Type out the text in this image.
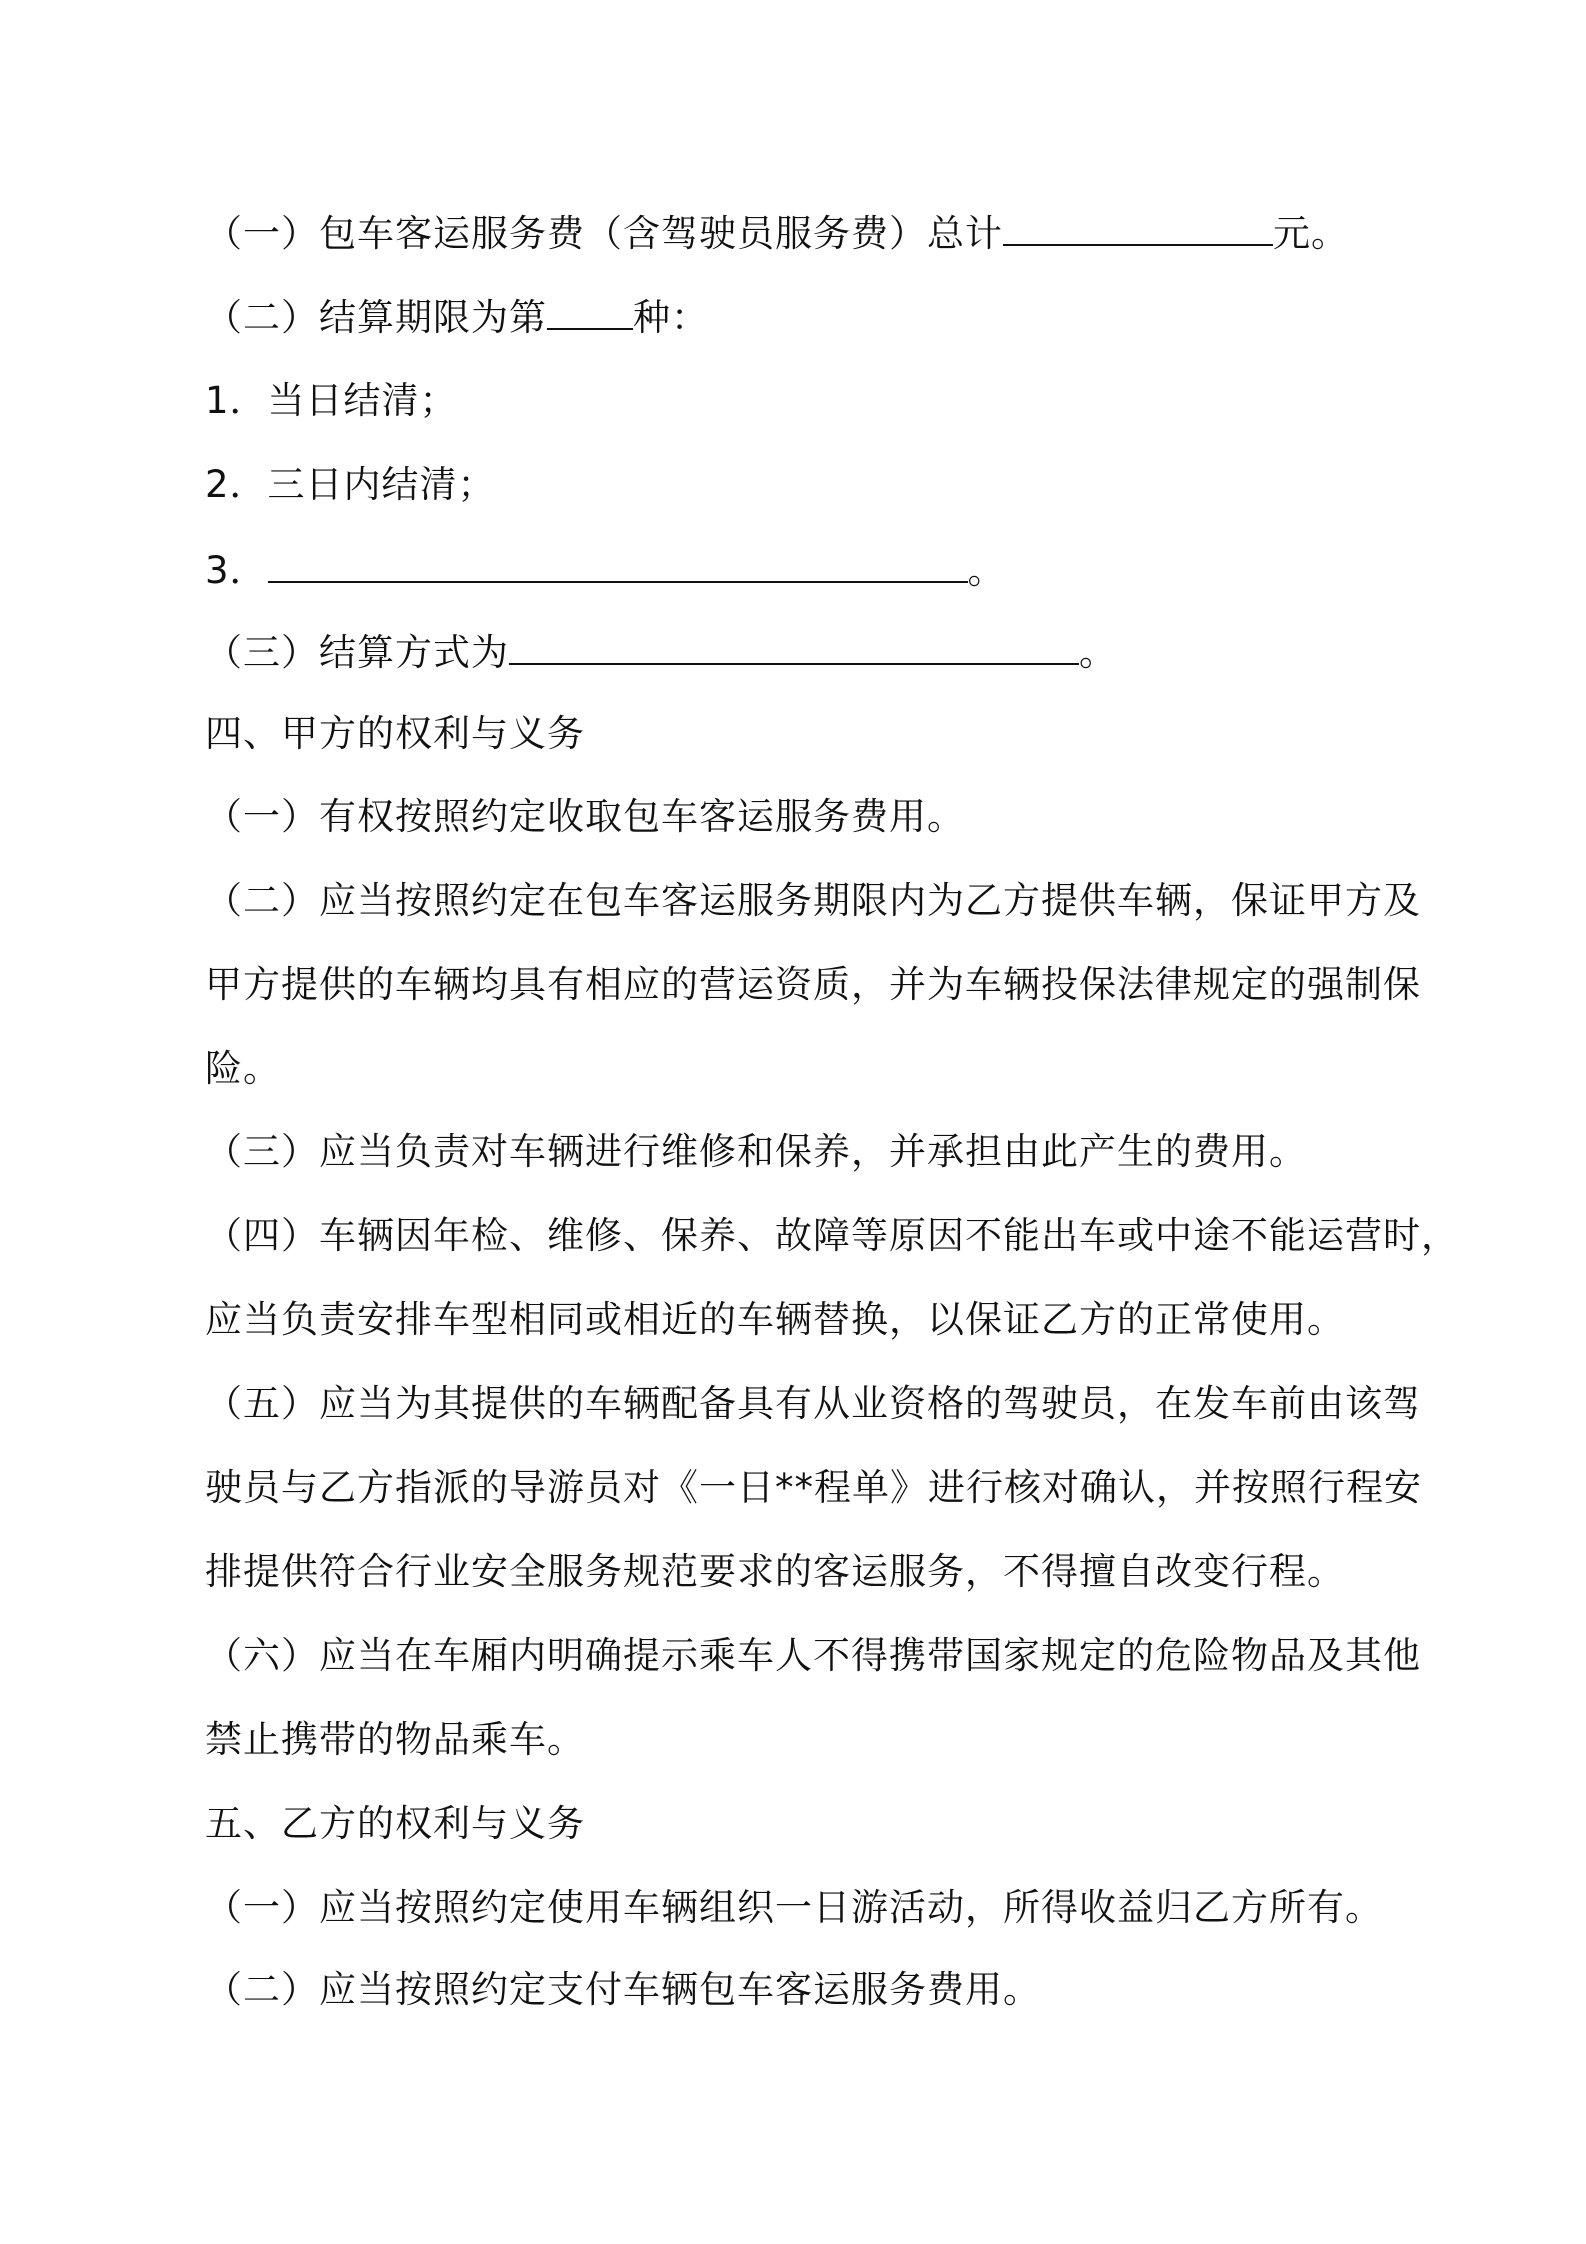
（一）包车客运服务费（含驾驶员服务费）总计	元。
（二）结算期限为第 种：
1．当日结清；
2．三日内结清；
3．	。
（三）结算方式为	。
四、甲方的权利与义务
（一）有权按照约定收取包车客运服务费用。
（二）应当按照约定在包车客运服务期限内为乙方提供车辆，保证甲方及
甲方提供的车辆均具有相应的营运资质，并为车辆投保法律规定的强制保
险。
（三）应当负责对车辆进行维修和保养，并承担由此产生的费用。
（四）车辆因年检、维修、保养、故障等原因不能出车或中途不能运营时，
应当负责安排车型相同或相近的车辆替换，以保证乙方的正常使用。
（五）应当为其提供的车辆配备具有从业资格的驾驶员，在发车前由该驾
驶员与乙方指派的导游员对《一日**程单》进行核对确认，并按照行程安
排提供符合行业安全服务规范要求的客运服务，不得擅自改变行程。
（六）应当在车厢内明确提示乘车人不得携带国家规定的危险物品及其他
禁止携带的物品乘车。
五、乙方的权利与义务
（一）应当按照约定使用车辆组织一日游活动，所得收益归乙方所有。
（二）应当按照约定支付车辆包车客运服务费用。
